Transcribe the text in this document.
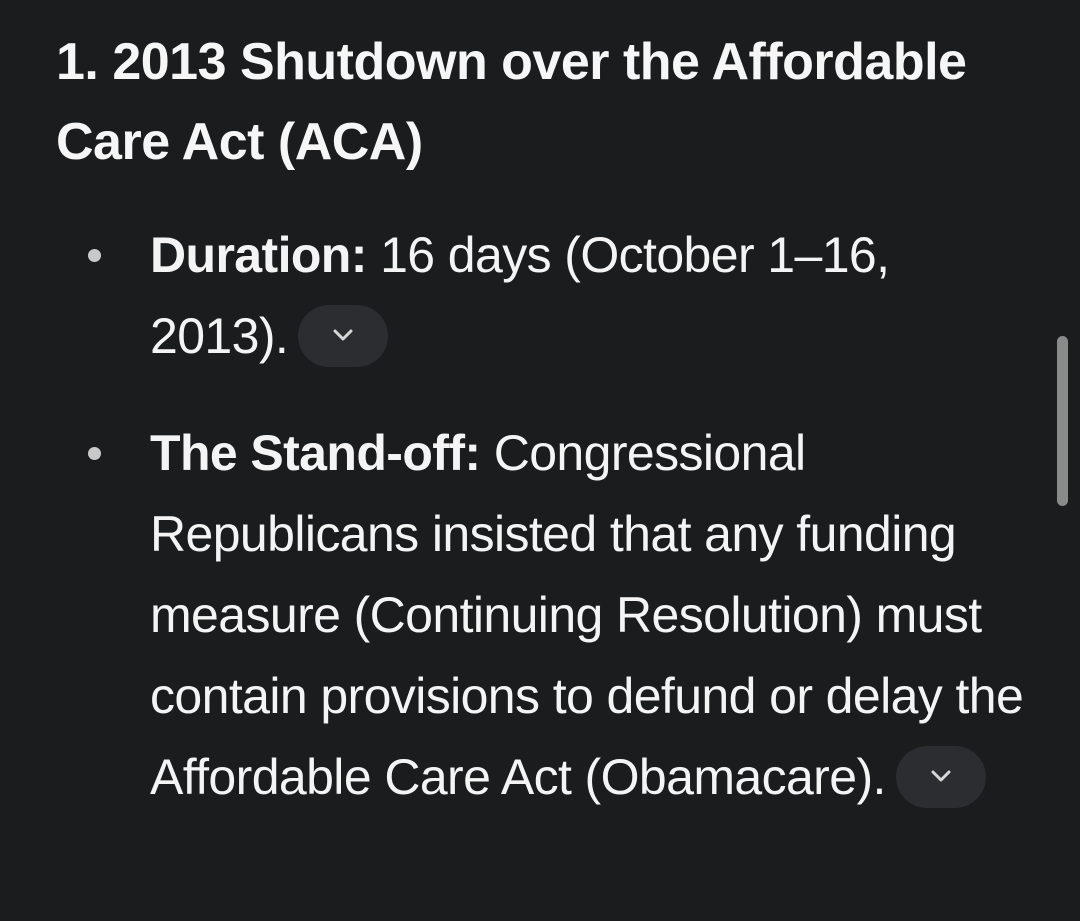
1. 2013 Shutdown over the Affordable Care Act (ACA)
Duration: 16 days (October 1–16, 2013).
The Stand-off: Congressional Republicans insisted that any funding measure (Continuing Resolution) must contain provisions to defund or delay the Affordable Care Act (Obamacare).
